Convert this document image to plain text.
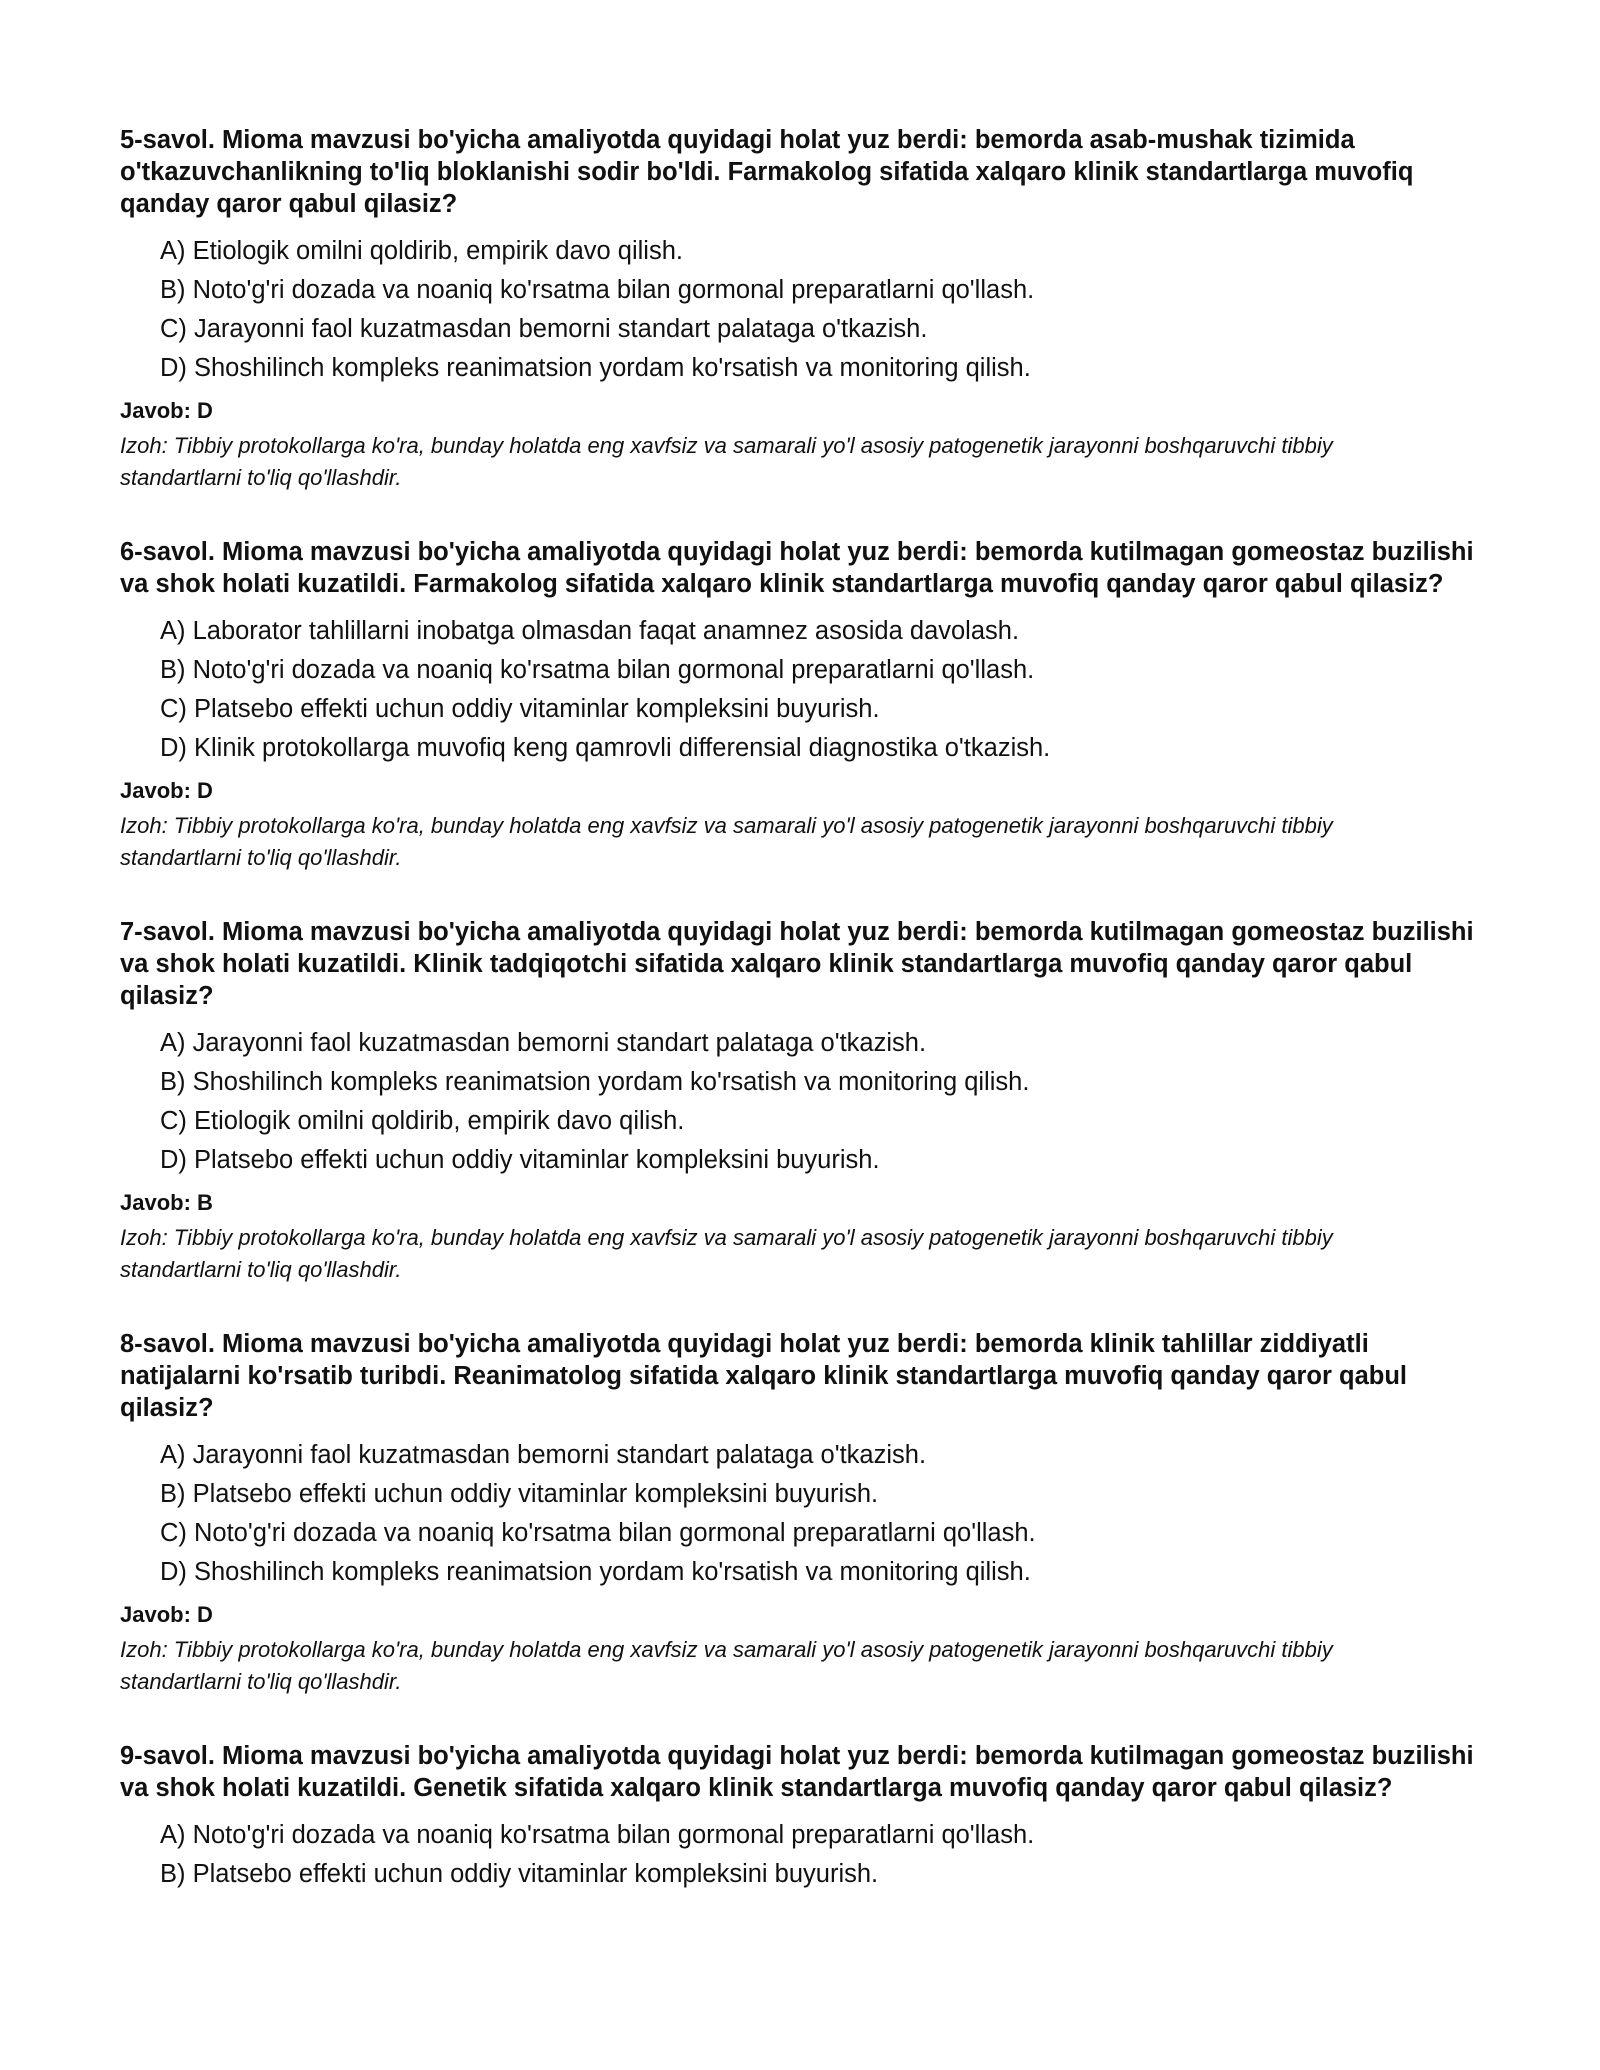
5-savol. Mioma mavzusi bo'yicha amaliyotda quyidagi holat yuz berdi: bemorda asab-mushak tizimida o'tkazuvchanlikning to'liq bloklanishi sodir bo'ldi. Farmakolog sifatida xalqaro klinik standartlarga muvofiq qanday qaror qabul qilasiz?

A) Etiologik omilni qoldirib, empirik davo qilish.
B) Noto'g'ri dozada va noaniq ko'rsatma bilan gormonal preparatlarni qo'llash.
C) Jarayonni faol kuzatmasdan bemorni standart palataga o'tkazish.
D) Shoshilinch kompleks reanimatsion yordam ko'rsatish va monitoring qilish.

Javob: D

Izoh: Tibbiy protokollarga ko'ra, bunday holatda eng xavfsiz va samarali yo'l asosiy patogenetik jarayonni boshqaruvchi tibbiy standartlarni to'liq qo'llashdir.

6-savol. Mioma mavzusi bo'yicha amaliyotda quyidagi holat yuz berdi: bemorda kutilmagan gomeostaz buzilishi va shok holati kuzatildi. Farmakolog sifatida xalqaro klinik standartlarga muvofiq qanday qaror qabul qilasiz?

A) Laborator tahlillarni inobatga olmasdan faqat anamnez asosida davolash.
B) Noto'g'ri dozada va noaniq ko'rsatma bilan gormonal preparatlarni qo'llash.
C) Platsebo effekti uchun oddiy vitaminlar kompleksini buyurish.
D) Klinik protokollarga muvofiq keng qamrovli differensial diagnostika o'tkazish.

Javob: D

Izoh: Tibbiy protokollarga ko'ra, bunday holatda eng xavfsiz va samarali yo'l asosiy patogenetik jarayonni boshqaruvchi tibbiy standartlarni to'liq qo'llashdir.

7-savol. Mioma mavzusi bo'yicha amaliyotda quyidagi holat yuz berdi: bemorda kutilmagan gomeostaz buzilishi va shok holati kuzatildi. Klinik tadqiqotchi sifatida xalqaro klinik standartlarga muvofiq qanday qaror qabul qilasiz?

A) Jarayonni faol kuzatmasdan bemorni standart palataga o'tkazish.
B) Shoshilinch kompleks reanimatsion yordam ko'rsatish va monitoring qilish.
C) Etiologik omilni qoldirib, empirik davo qilish.
D) Platsebo effekti uchun oddiy vitaminlar kompleksini buyurish.

Javob: B

Izoh: Tibbiy protokollarga ko'ra, bunday holatda eng xavfsiz va samarali yo'l asosiy patogenetik jarayonni boshqaruvchi tibbiy standartlarni to'liq qo'llashdir.

8-savol. Mioma mavzusi bo'yicha amaliyotda quyidagi holat yuz berdi: bemorda klinik tahlillar ziddiyatli natijalarni ko'rsatib turibdi. Reanimatolog sifatida xalqaro klinik standartlarga muvofiq qanday qaror qabul qilasiz?

A) Jarayonni faol kuzatmasdan bemorni standart palataga o'tkazish.
B) Platsebo effekti uchun oddiy vitaminlar kompleksini buyurish.
C) Noto'g'ri dozada va noaniq ko'rsatma bilan gormonal preparatlarni qo'llash.
D) Shoshilinch kompleks reanimatsion yordam ko'rsatish va monitoring qilish.

Javob: D

Izoh: Tibbiy protokollarga ko'ra, bunday holatda eng xavfsiz va samarali yo'l asosiy patogenetik jarayonni boshqaruvchi tibbiy standartlarni to'liq qo'llashdir.

9-savol. Mioma mavzusi bo'yicha amaliyotda quyidagi holat yuz berdi: bemorda kutilmagan gomeostaz buzilishi va shok holati kuzatildi. Genetik sifatida xalqaro klinik standartlarga muvofiq qanday qaror qabul qilasiz?

A) Noto'g'ri dozada va noaniq ko'rsatma bilan gormonal preparatlarni qo'llash.
B) Platsebo effekti uchun oddiy vitaminlar kompleksini buyurish.
